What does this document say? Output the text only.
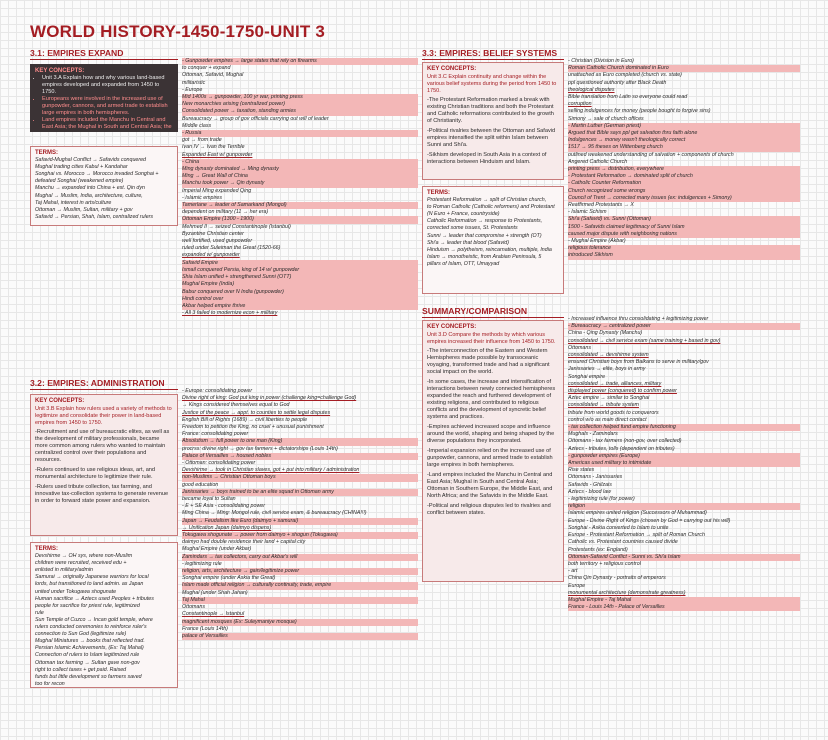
WORLD HISTORY-1450-1750-UNIT 3
3.1: EMPIRES EXPAND
KEY CONCEPTS:
• Unit 3.A Explain how and why various land-based empires developed and expanded from 1450 to 1750.
• Europeans were involved in the increased use of gunpowder, cannons, and armed trade to establish large empires in both hemispheres.
• Land empires included the Manchu in Central and East Asia; the Mughal in South and Central Asia; the
TERMS:
Safavid-Mughal Conflict → Safavids conquered
Mughal trading cities Kabul + Kandahar
Songhai vs. Morocco → Morocco invaded Songhai +
defeated Songhai (weakened empire)
Manchu → expanded into China + est. Qin dyn
Mughal → Muslim, India, architecture, culture,
Taj Mahal, interest in arts/culture
Ottoman → Muslim, Sultan, military + gov
Safavid → Persian, Shah, Islam, centralized rulers
- Gunpowder empires → large states that rely on firearms
to conquer + expand
Ottoman, Safavid, Mughal
militaristic
- Europe
Mid 1400s → gunpowder, 100 yr war, printing press
New monarchies arising (centralized power)
Consolidated power → taxation, standing armies
Bureaucracy → group of gov officials carrying out will of leader
Middle class
- Russia
got → from trade
Ivan IV → Ivan the Terrible
Expanded East w/ gunpowder
- China
Ming dynasty dominated → Ming dynasty
Ming → Great Wall of China
Manchu took power → Qin dynasty
Imperial Ming expanded Qing
- Islamic empires
Tamerlane → leader of Samarkand (Mongol)
dependent on military (11 → her era)
Ottoman Empire (1300 - 1900)
Mehmed II → seized Constantinople (Istanbul)
Byzantine Christian center
well fortified, used gunpowder
ruled under Suleiman the Great (1520-66)
expanded w/ gunpowder
Safavid Empire
Ismail conquered Persia, king of 14 w/ gunpowder
Shia Islam unified + strengthened Sunni (OTT)
Mughal Empire (India)
Babur conquered over N India (gunpowder)
Hindi control over
Akbar helped empire thrive
- All 3 failed to modernize econ + military
3.2: EMPIRES: ADMINISTRATION
KEY CONCEPTS:
Unit 3.B Explain how rulers used a variety of methods to legitimize and consolidate their power in land-based empires from 1450 to 1750.

-Recruitment and use of bureaucratic elites, as well as the development of military professionals, became more common among rulers who wanted to maintain centralized control over their populations and resources.

-Rulers continued to use religious ideas, art, and monumental architecture to legitimize their rule.

-Rulers used tribute collection, tax farming, and innovative tax-collection systems to generate revenue in order to forward state power and expansion.

TERMS:
Devshirme → OH sys, where non-Muslim
children were recruited, received edu +
enlisted in military/admin
Samurai → originally Japanese warriors for local
lords, but transitioned to land admin. as Japan
united under Tokugawa shogunate
Human sacrifice → Aztecs used Peoples + tributes
people for sacrifice for priest rule, legitimized
rule
Sun Temple of Cuzco → Incan gold temple, where
rulers conducted ceremonies to reinforce ruler's
connection to Sun God (legitimize rule)
Mughal Miniatures → books that reflected trad.
Persian Islamic Achievements, (Ex: Taj Mahal)
Connection of rulers to Islam legitimized rule
Ottoman tax farming → Sultan gave non-gov
right to collect taxes + get paid. Raised
funds but little development so farmers saved
too for recon
- Europe: consolidating power
Divine right of king: God put king in power (challenge king=challenge God)
→ Kings considered themselves equal to God
Justice of the peace → appt. to counties to settle legal disputes
English Bill of Rights (1689) → civil liberties to people
Freedom to petition the King, no cruel + unusual punishment
France: consolidating power
Absolutism → full power to one man (King)
procrss: divine right → gov tax farmers + dictatorships (Louis 14th)
Palace of Versailles → housed nobles
- Ottoman: consolidating power
Devshirme → took in Christian slaves, got + put into military / administration
non-Muslims → Christian Ottoman boys
good education
Janissaries → boys trained to be an elite squad in Ottoman army
became loyal to Sultan
- E + SE Asia - consolidating power
Ming China → Ming: Mongol rule, civil service exam, & bureaucracy (CHINA!!!)
Japan → Feudalism like Euro (daimyo + samurai)
→ Unification Japan (daimyo dispens)
Tokugawa shogunate → power from daimyo + shogun (Tokugawa)
daimyo had double residence their land + capital city
Mughal Empire (under Akbar)
Zamindars → tax collectors, carry out Akbar's will
- legitimizing rule
religion, arts, architecture → gain/legitimize power
Songhai empire (under Askia the Great)
Islam made official religion → culturally continuity, trade, empire
Mughal (under Shah Jahan)
Taj Mahal
Ottomans
Constantinople → Istanbul
magnificent mosques (Ex: Suleymaniye mosque)
France (Louis 14th)
palace of Versailles
3.3: EMPIRES: BELIEF SYSTEMS
KEY CONCEPTS:
Unit 3.C Explain continuity and change within the various belief systems during the period from 1450 to 1750.

-The Protestant Reformation marked a break with existing Christian traditions and both the Protestant and Catholic reformations contributed to the growth of Christianity.

-Political rivalries between the Ottoman and Safavid empires intensified the split within Islam between Sunni and Shi'a.

-Sikhism developed in South Asia in a context of interactions between Hinduism and Islam.

TERMS:
Protestant Reformation → split of Christian church,
to Roman Catholic (Catholic reformers) and Protestant
(N Euro + France, countryside)
Catholic Reformation → response to Protestants,
corrected some issues, St. Protestants
Sunni → leader that compromise + strength (OT)
Shi'a → leader that blood (Safavid)
Hinduism → polytheism, reincarnation, multiple, India
Islam → monotheistic, from Arabian Peninsula, 5
pillars of Islam, OTT, Umayyad
- Christian (Division in Euro)
Roman Catholic Church dominated in Euro
unattached as Euro completed (church vs. state)
ppl questioned authority after Black Death
theological disputes
Bible translation from Latin so everyone could read
corruption
selling indulgences for money (people bought to forgive sins)
Simony → sale of church offices
- Martin Luther (German priest)
Argued that Bible says ppl get salvation thru faith alone
Indulgences → money wasn't theologically correct
1517 → 95 theses on Wittenberg church
outlined weakened understanding of salvation + components of church
Angered Catholic Church
printing press → distribution, everywhere
- Protestant Reformation → dominated split of church
- Catholic Counter Reformation
Church recognized some wrongs
Council of Trent → corrected many issues (ex: indulgences + Simony)
Reaffirmed Protestants → X
- Islamic Schism
Shi'a (Safavid) vs. Sunni (Ottoman)
1500 - Safavids claimed legitimacy of Sunni Islam
caused major dispute with neighboring nations
- Mughal Empire (Akbar)
religious tolerance
introduced Sikhism
SUMMARY/COMPARISON
KEY CONCEPTS:
Unit 3.D Compare the methods by which various empires increased their influence from 1450 to 1750.

-The interconnection of the Eastern and Western Hemispheres made possible by transoceanic voyaging, transformed trade and had a significant social impact on the world.

-In some cases, the increase and intensification of interactions between newly connected hemispheres expanded the reach and furthered development of existing religions, and contributed to religious conflicts and the development of syncretic belief systems and practices.

-Empires achieved increased scope and influence around the world, shaping and being shaped by the diverse populations they incorporated.

-Imperial expansion relied on the increased use of gunpowder, cannons, and armed trade to establish large empires in both hemispheres.

-Land empires included the Manchu in Central and East Asia; Mughal in South and Central Asia; Ottoman in Southern Europe, the Middle East, and North Africa; and the Safavids in the Middle East.

-Political and religious disputes led to rivalries and conflict between states.

- Increased influence thru consolidating + legitimizing power
- Bureaucracy → centralized power
China - Qing Dynasty (Manchu)
consolidated → civil service exam (same training + based in gov)
Ottomans
consolidated → devshirme system
ensured Christian boys from Balkans to serve in military/gov
Janissaries → elite, boys in army
Songhai empire
consolidated → trade, alliances, military
displayed power (conquered) to confirm power
Aztec empire → similar to Songhai
consolidated → tribute system
tribute from world goods to conquerors
control w/o as main direct contact
- tax collection helped fund empire functioning
Mughals - Zamindars
Ottomans - tax farmers (non-gov, over collected)
Aztecs - tributes, tolls (dependent on tributes)
- gunpowder empires (Europe)
Americas used military to intimidate
Rise states
Ottomans - Janissaries
Safavids - Ghilzais
Aztecs - blood law
- legitimizing rule (for power)
religion
Islamic empires united religion (Successors of Muhammad)
Europe - Divine Right of Kings (chosen by God = carrying out his will)
Songhai - Askia converted to Islam to unite
Europe - Protestant Reformation → split of Roman Church
Catholic vs. Protestant countries caused divide
Protestants (ex: England)
Ottoman-Safavid Conflict - Sunni vs. Shi'a Islam
both territory + religious control
- art
China Qin Dynasty - portraits of emperors
Europe
monumental architecture (demonstrate greatness)
Mughal Empire - Taj Mahal
France - Louis 14th - Palace of Versailles
